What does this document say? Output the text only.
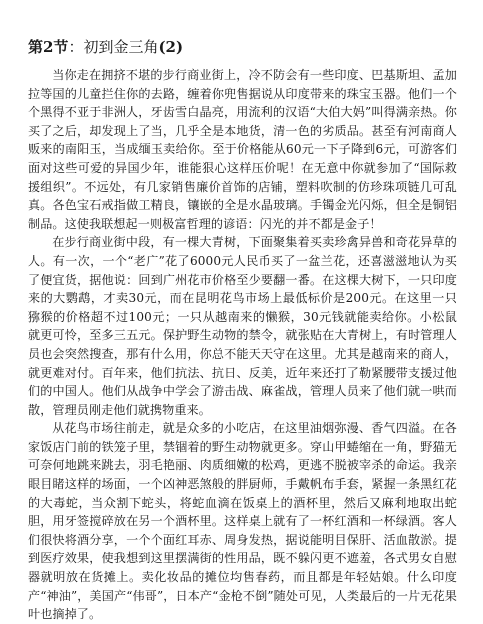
第2节：初到金三角(2)

当你走在拥挤不堪的步行商业街上，冷不防会有一些印度、巴基斯坦、孟加拉等国的儿童拦住你的去路，缠着你兜售据说从印度带来的珠宝玉器。他们一个个黑得不亚于非洲人，牙齿雪白晶亮，用流利的汉语“大伯大妈”叫得满亲热。你买了之后，却发现上了当，几乎全是本地货，清一色的劣质品。甚至有河南商人贩来的南阳玉，当成缅玉卖给你。至于价格能从60元一下子降到6元，可游客们面对这些可爱的异国少年，谁能狠心这样压价呢！在无意中你就参加了“国际救援组织”。不远处，有几家销售廉价首饰的店铺，塑料吹制的仿珍珠项链几可乱真。各色宝石戒指做工精良，镶嵌的全是水晶玻璃。手镯金光闪烁，但全是铜铝制品。这使我联想起一则极富哲理的谚语：闪光的并不都是金子！

在步行商业街中段，有一棵大青树，下面聚集着买卖珍禽异兽和奇花异草的人。有一次，一个“老广”花了6000元人民币买了一盆兰花，还喜滋滋地认为买了便宜货，据他说：回到广州花市价格至少要翻一番。在这棵大树下，一只印度来的大鹦鹉，才卖30元，而在昆明花鸟市场上最低标价是200元。在这里一只猕猴的价格超不过100元；一只从越南来的懒猴，30元钱就能卖给你。小松鼠就更可怜，至多三五元。保护野生动物的禁令，就张贴在大青树上，有时管理人员也会突然搜查，那有什么用，你总不能天天守在这里。尤其是越南来的商人，就更难对付。百年来，他们抗法、抗日、反美，近年来还打了勒紧腰带支援过他们的中国人。他们从战争中学会了游击战、麻雀战，管理人员来了他们就一哄而散，管理员刚走他们就携物重来。

从花鸟市场往前走，就是众多的小吃店，在这里油烟弥漫、香气四溢。在各家饭店门前的铁笼子里，禁锢着的野生动物就更多。穿山甲蜷缩在一角，野猫无可奈何地跳来跳去，羽毛艳丽、肉质细嫩的松鸡，更逃不脱被宰杀的命运。我亲眼目睹这样的场面，一个凶神恶煞般的胖厨师，手戴帆布手套，紧握一条黑红花的大毒蛇，当众割下蛇头，将蛇血滴在饭桌上的酒杯里，然后又麻利地取出蛇胆，用牙签搅碎放在另一个酒杯里。这样桌上就有了一杯红酒和一杯绿酒。客人们很快将酒分享，一个个面红耳赤、周身发热，据说能明目保肝、活血散淤。提到医疗效果，使我想到这里摆满街的性用品，既不躲闪更不遮羞，各式男女自慰器就明放在货摊上。卖化妆品的摊位均售春药，而且都是年轻姑娘。什么印度产“神油”，美国产“伟哥”，日本产“金枪不倒”随处可见，人类最后的一片无花果叶也摘掉了。
